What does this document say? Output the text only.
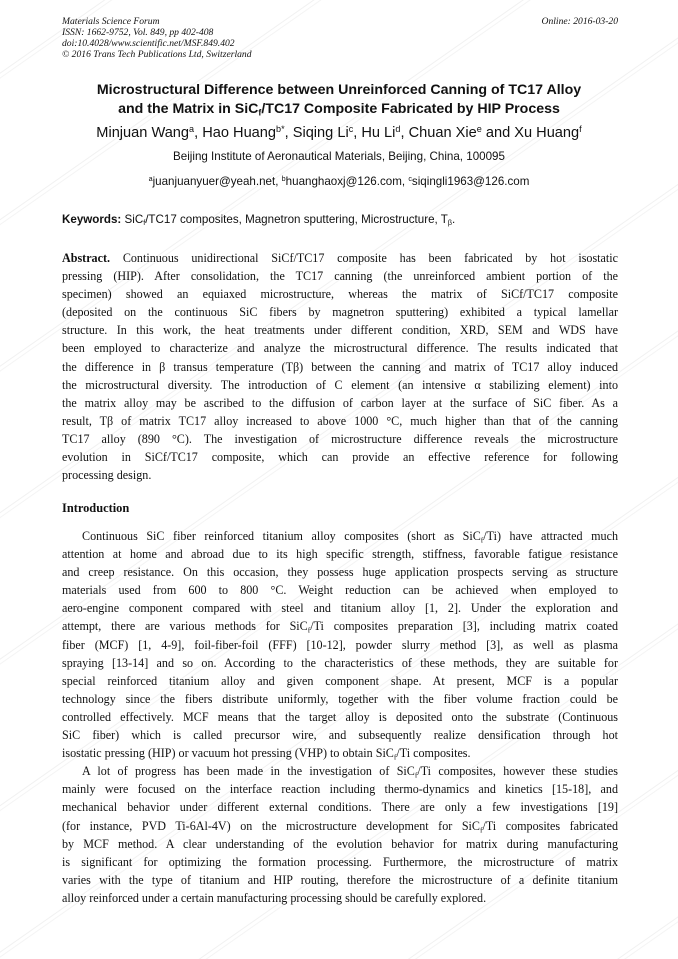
Materials Science Forum
ISSN: 1662-9752, Vol. 849, pp 402-408
doi:10.4028/www.scientific.net/MSF.849.402
© 2016 Trans Tech Publications Ltd, Switzerland
Online: 2016-03-20
Microstructural Difference between Unreinforced Canning of TC17 Alloy
and the Matrix in SiC$_f$/TC17 Composite Fabricated by HIP Process
Minjuan Wang$^a$, Hao Huang$^{b*}$, Siqing Li$^c$, Hu Li$^d$, Chuan Xie$^e$ and Xu Huang$^f$
Beijing Institute of Aeronautical Materials, Beijing, China, 100095
$^a$juanjuanyuer@yeah.net, $^b$huanghaoxj@126.com, $^c$siqingli1963@126.com
Keywords: SiC$_f$/TC17 composites, Magnetron sputtering, Microstructure, $T_\beta$.
Abstract. Continuous unidirectional SiCf/TC17 composite has been fabricated by hot isostatic
pressing (HIP). After consolidation, the TC17 canning (the unreinforced ambient portion of the
specimen) showed an equiaxed microstructure, whereas the matrix of SiCf/TC17 composite
(deposited on the continuous SiC fibers by magnetron sputtering) exhibited a typical lamellar
structure. In this work, the heat treatments under different condition, XRD, SEM and WDS have
been employed to characterize and analyze the microstructural difference. The results indicated that
the difference in β transus temperature (Tβ) between the canning and matrix of TC17 alloy induced
the microstructural diversity. The introduction of C element (an intensive α stabilizing element) into
the matrix alloy may be ascribed to the diffusion of carbon layer at the surface of SiC fiber. As a
result, Tβ of matrix TC17 alloy increased to above 1000 °C, much higher than that of the canning
TC17 alloy (890 °C). The investigation of microstructure difference reveals the microstructure
evolution in SiCf/TC17 composite, which can provide an effective reference for following
processing design.
Introduction
Continuous SiC fiber reinforced titanium alloy composites (short as SiC$_f$/Ti) have attracted much
attention at home and abroad due to its high specific strength, stiffness, favorable fatigue resistance
and creep resistance. On this occasion, they possess huge application prospects serving as structure
materials used from 600 to 800 °C. Weight reduction can be achieved when employed to
aero-engine component compared with steel and titanium alloy [1, 2]. Under the exploration and
attempt, there are various methods for SiC$_f$/Ti composites preparation [3], including matrix coated
fiber (MCF) [1, 4-9], foil-fiber-foil (FFF) [10-12], powder slurry method [3], as well as plasma
spraying [13-14] and so on. According to the characteristics of these methods, they are suitable for
special reinforced titanium alloy and given component shape. At present, MCF is a popular
technology since the fibers distribute uniformly, together with the fiber volume fraction could be
controlled effectively. MCF means that the target alloy is deposited onto the substrate (Continuous
SiC fiber) which is called precursor wire, and subsequently realize densification through hot
isostatic pressing (HIP) or vacuum hot pressing (VHP) to obtain SiC$_f$/Ti composites.
A lot of progress has been made in the investigation of SiC$_f$/Ti composites, however these studies
mainly were focused on the interface reaction including thermo-dynamics and kinetics [15-18], and
mechanical behavior under different external conditions. There are only a few investigations [19]
(for instance, PVD Ti-6Al-4V) on the microstructure development for SiC$_f$/Ti composites fabricated
by MCF method. A clear understanding of the evolution behavior for matrix during manufacturing
is significant for optimizing the formation processing. Furthermore, the microstructure of matrix
varies with the type of titanium and HIP routing, therefore the microstructure of a definite titanium
alloy reinforced under a certain manufacturing processing should be carefully explored.
